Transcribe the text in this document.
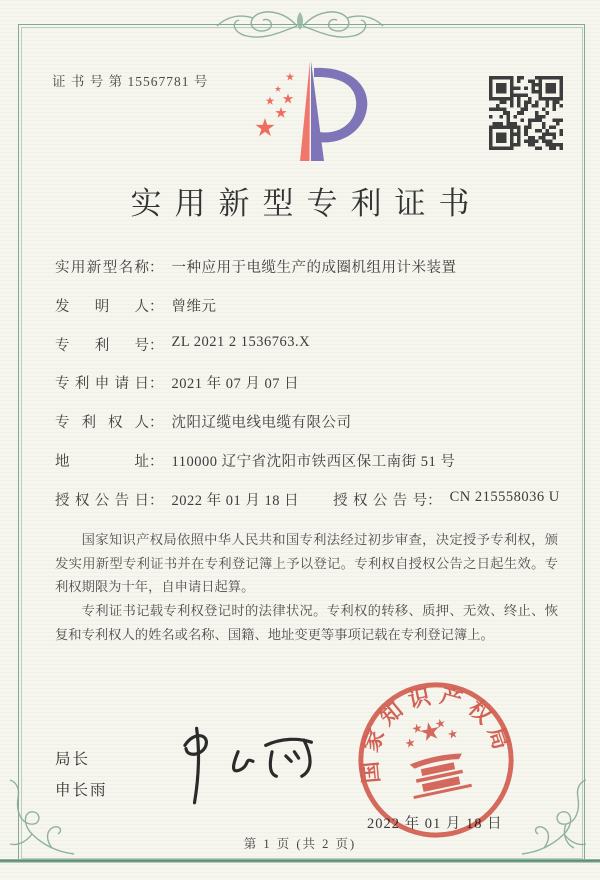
证 书 号 第 15567781 号
实用新型专利证书
实用新型名称 ： 一种应用于电缆生产的成圈机组用计米装置
发明人 ： 曾维元
专利号 ： ZL 2021 2 1536763.X
专利申请日 ： 2021 年 07 月 07 日
专利权人 ： 沈阳辽缆电线电缆有限公司
地址 ： 110000 辽宁省沈阳市铁西区保工南街 51 号
授权公告日 ： 2022 年 01 月 18 日 授权公告号 ： CN 215558036 U

国家知识产权局依照中华人民共和国专利法经过初步审查，决定授予专利权，颁发实用新型专利证书并在专利登记簿上予以登记。专利权自授权公告之日起生效。专利权期限为十年，自申请日起算。

专利证书记载专利权登记时的法律状况。专利权的转移、质押、无效、终止、恢复和专利权人的姓名或名称、国籍、地址变更等事项记载在专利登记簿上。

局长
申长雨
2022 年 01 月 18 日
国家知识产权局
第 1 页 (共 2 页)
